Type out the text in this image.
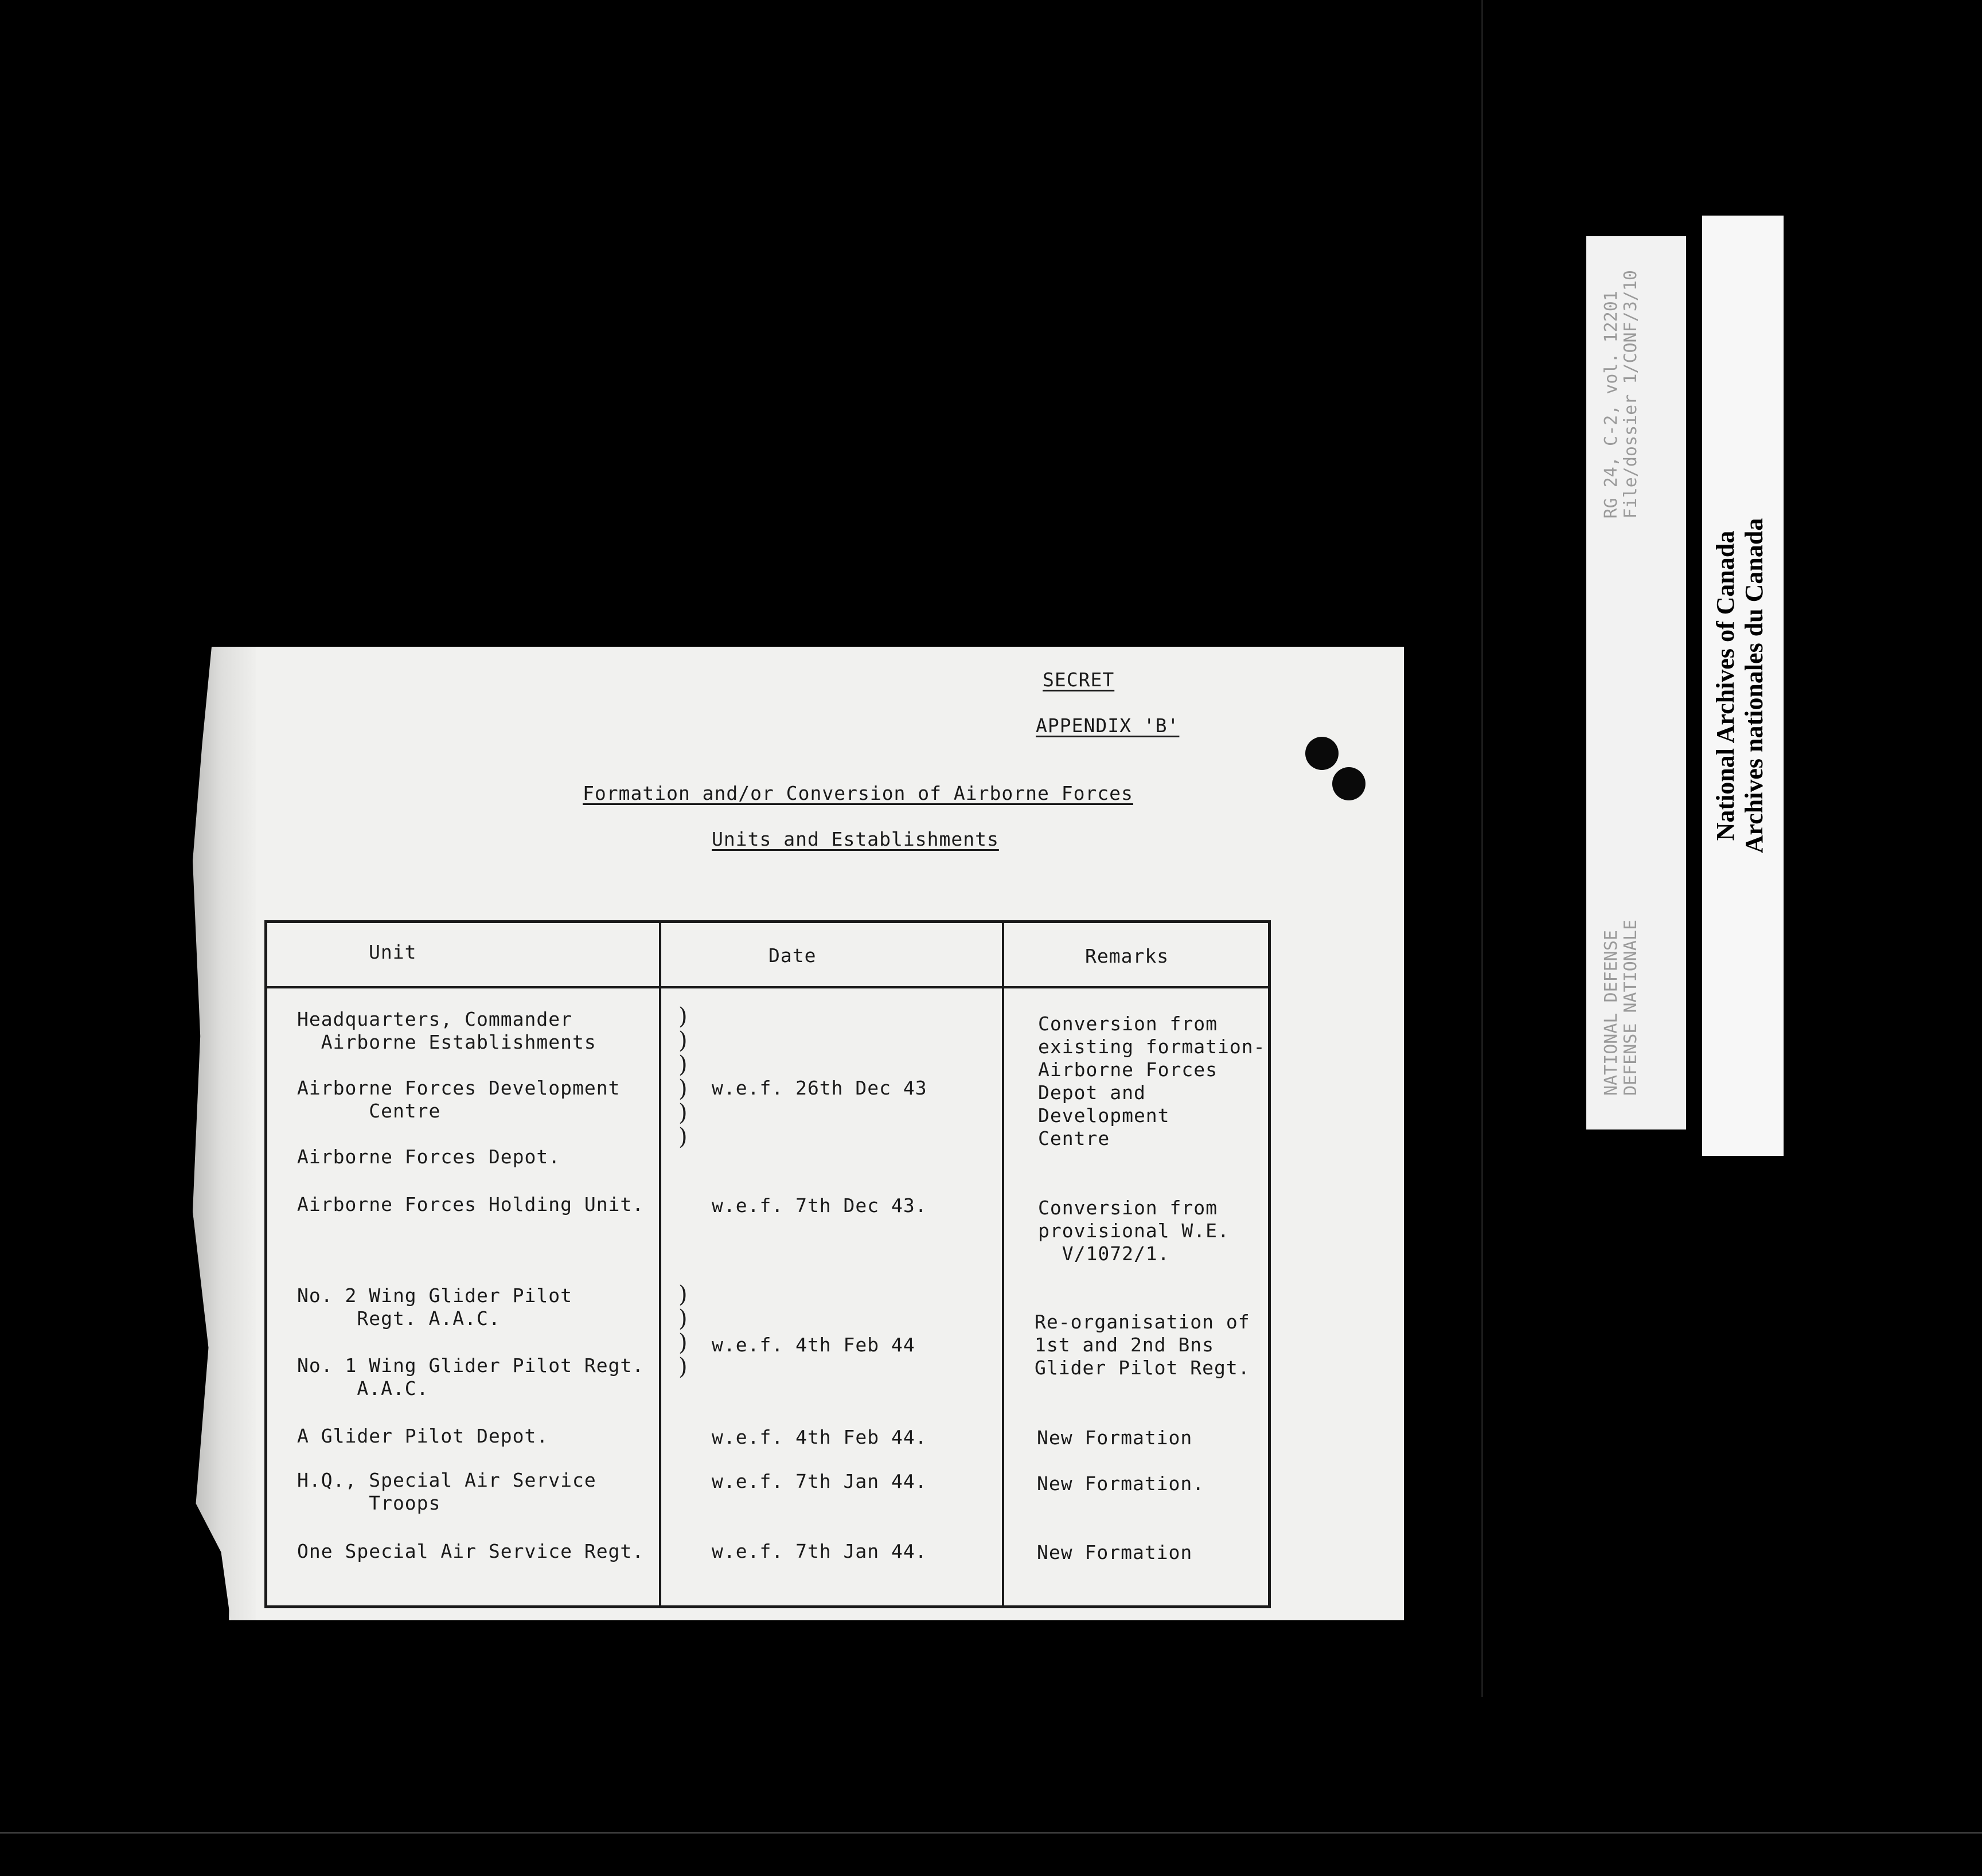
SECRET
APPENDIX 'B'
Formation and/or Conversion of Airborne Forces
Units and Establishments
Unit	Date	Remarks
Headquarters, Commander
Airborne Establishments
Airborne Forces Development
Centre
Airborne Forces Depot.
Airborne Forces Holding Unit.
No. 2 Wing Glider Pilot
Regt. A.A.C.
No. 1 Wing Glider Pilot Regt.
A.A.C.
A Glider Pilot Depot.
H.Q., Special Air Service
Troops
One Special Air Service Regt.
)
)
)
)
)
)
)
)
)
)
w.e.f. 26th Dec 43
w.e.f. 7th Dec 43.
w.e.f. 4th Feb 44
w.e.f. 4th Feb 44.
w.e.f. 7th Jan 44.
w.e.f. 7th Jan 44.
Conversion from
existing formation-
Airborne Forces
Depot and
Development
Centre
Conversion from
provisional W.E.
V/1072/1.
Re-organisation of
1st and 2nd Bns
Glider Pilot Regt.
New Formation
New Formation.
New Formation
NATIONAL DEFENSE
DEFENSE NATIONALE
RG 24, C-2, vol. 12201
File/dossier 1/CONF/3/10
National Archives of Canada Archives nationales du Canada
